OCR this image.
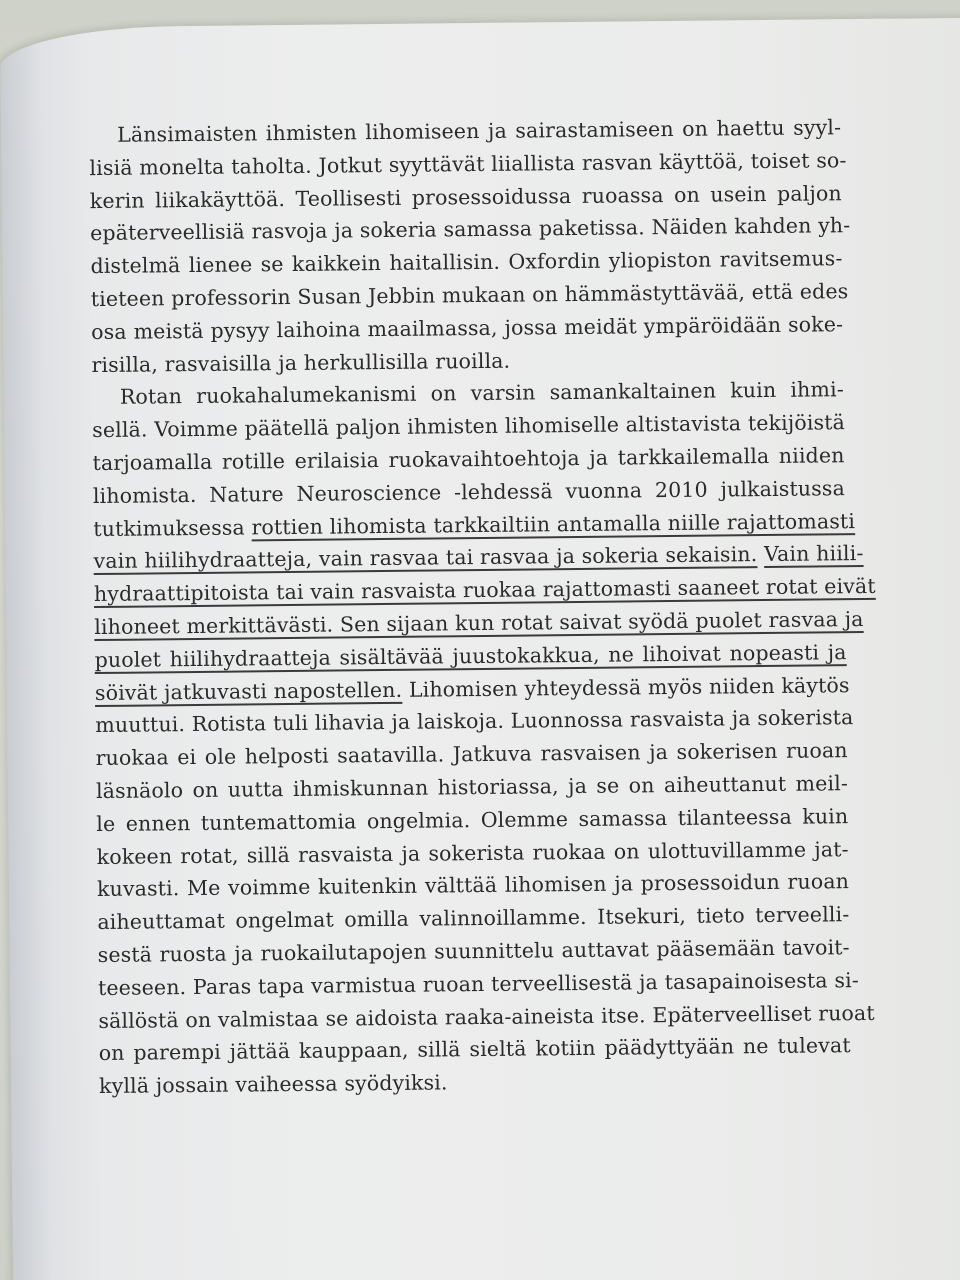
Länsimaisten ihmisten lihomiseen ja sairastamiseen on haettu syyl-
lisiä monelta taholta. Jotkut syyttävät liiallista rasvan käyttöä, toiset so-
kerin liikakäyttöä. Teollisesti prosessoidussa ruoassa on usein paljon
epäterveellisiä rasvoja ja sokeria samassa paketissa. Näiden kahden yh-
distelmä lienee se kaikkein haitallisin. Oxfordin yliopiston ravitsemus-
tieteen professorin Susan Jebbin mukaan on hämmästyttävää, että edes
osa meistä pysyy laihoina maailmassa, jossa meidät ympäröidään soke-
risilla, rasvaisilla ja herkullisilla ruoilla.
Rotan ruokahalumekanismi on varsin samankaltainen kuin ihmi-
sellä. Voimme päätellä paljon ihmisten lihomiselle altistavista tekijöistä
tarjoamalla rotille erilaisia ruokavaihtoehtoja ja tarkkailemalla niiden
lihomista. Nature Neuroscience -lehdessä vuonna 2010 julkaistussa
tutkimuksessa rottien lihomista tarkkailtiin antamalla niille rajattomasti
vain hiilihydraatteja, vain rasvaa tai rasvaa ja sokeria sekaisin. Vain hiili-
hydraattipitoista tai vain rasvaista ruokaa rajattomasti saaneet rotat eivät
lihoneet merkittävästi. Sen sijaan kun rotat saivat syödä puolet rasvaa ja
puolet hiilihydraatteja sisältävää juustokakkua, ne lihoivat nopeasti ja
söivät jatkuvasti napostellen. Lihomisen yhteydessä myös niiden käytös
muuttui. Rotista tuli lihavia ja laiskoja. Luonnossa rasvaista ja sokerista
ruokaa ei ole helposti saatavilla. Jatkuva rasvaisen ja sokerisen ruoan
läsnäolo on uutta ihmiskunnan historiassa, ja se on aiheuttanut meil-
le ennen tuntemattomia ongelmia. Olemme samassa tilanteessa kuin
kokeen rotat, sillä rasvaista ja sokerista ruokaa on ulottuvillamme jat-
kuvasti. Me voimme kuitenkin välttää lihomisen ja prosessoidun ruoan
aiheuttamat ongelmat omilla valinnoillamme. Itsekuri, tieto terveelli-
sestä ruosta ja ruokailutapojen suunnittelu auttavat pääsemään tavoit-
teeseen. Paras tapa varmistua ruoan terveellisestä ja tasapainoisesta si-
sällöstä on valmistaa se aidoista raaka-aineista itse. Epäterveelliset ruoat
on parempi jättää kauppaan, sillä sieltä kotiin päädyttyään ne tulevat
kyllä jossain vaiheessa syödyiksi.
